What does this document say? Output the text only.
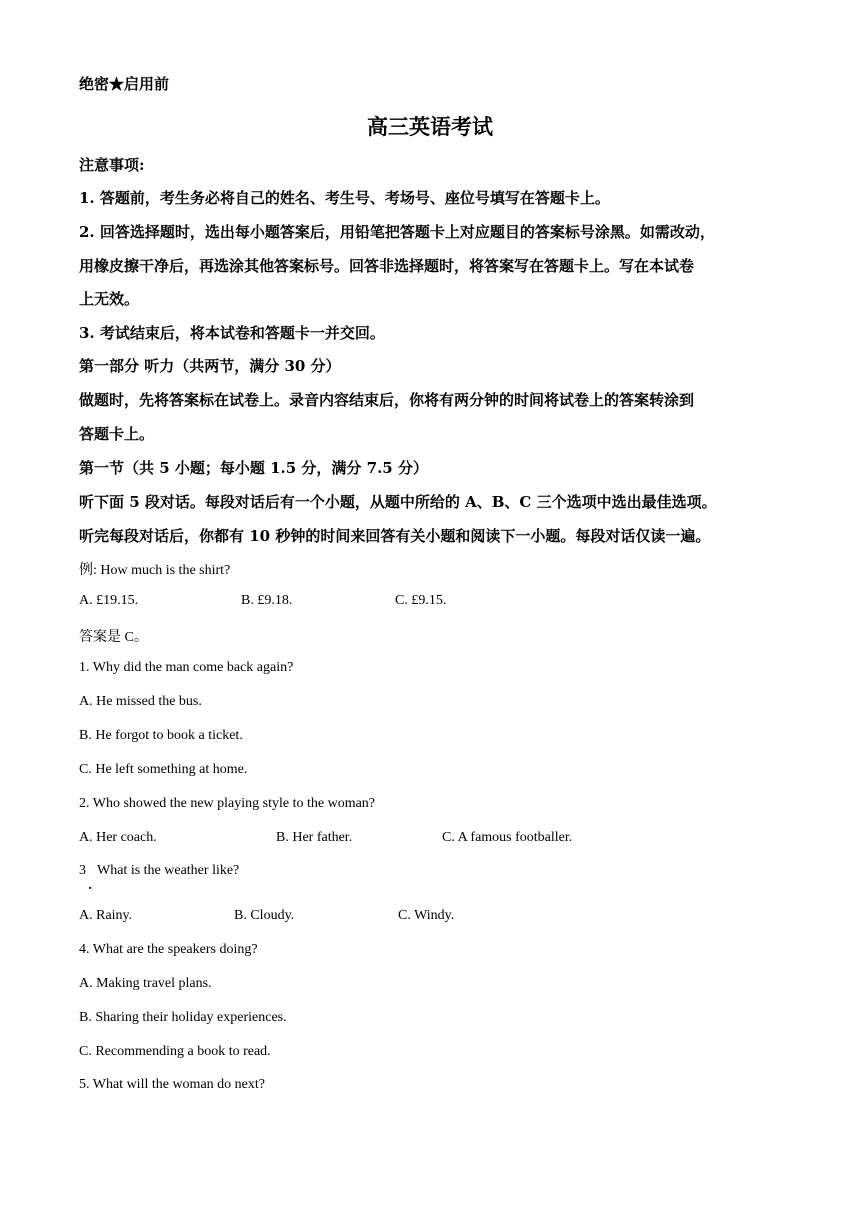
绝密★启用前
高三英语考试
注意事项:
1. 答题前，考生务必将自己的姓名、考生号、考场号、座位号填写在答题卡上。
2. 回答选择题时，选出每小题答案后，用铅笔把答题卡上对应题目的答案标号涂黑。如需改动，
用橡皮擦干净后，再选涂其他答案标号。回答非选择题时，将答案写在答题卡上。写在本试卷
上无效。
3. 考试结束后，将本试卷和答题卡一并交回。
第一部分 听力（共两节，满分 30 分）
做题时，先将答案标在试卷上。录音内容结束后，你将有两分钟的时间将试卷上的答案转涂到
答题卡上。
第一节（共 5 小题；每小题 1.5 分，满分 7.5 分）
听下面 5 段对话。每段对话后有一个小题，从题中所给的 A、B、C 三个选项中选出最佳选项。
听完每段对话后，你都有 10 秒钟的时间来回答有关小题和阅读下一小题。每段对话仅读一遍。
例: How much is the shirt?
A. £19.15.	B. £9.18.	C. £9.15.
答案是 C。
1. Why did the man come back again?
A. He missed the bus.
B. He forgot to book a ticket.
C. He left something at home.
2. Who showed the new playing style to the woman?
A. Her coach.	B. Her father.	C. A famous footballer.
3
·
What is the weather like?
A. Rainy.	B. Cloudy.	C. Windy.
4. What are the speakers doing?
A. Making travel plans.
B. Sharing their holiday experiences.
C. Recommending a book to read.
5. What will the woman do next?
